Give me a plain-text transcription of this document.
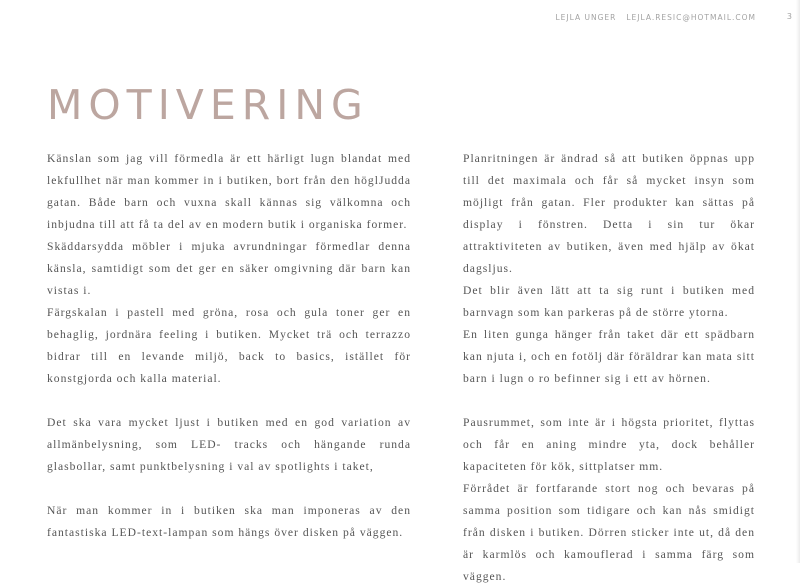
LEJLA UNGER LEJLA.RESIC@HOTMAIL.COM	3
MOTIVERING

Känslan som jag vill förmedla är ett härligt lugn blandat med lekfullhet när man kommer in i butiken, bort från den höglJudda gatan. Både barn och vuxna skall kännas sig välkomna och inbjudna till att få ta del av en modern butik i organiska former.

Skäddarsydda möbler i mjuka avrundningar förmedlar denna känsla, samtidigt som det ger en säker omgivning där barn kan vistas i.

Färgskalan i pastell med gröna, rosa och gula toner ger en behaglig, jordnära feeling i butiken. Mycket trä och terrazzo bidrar till en levande miljö, back to basics, istället för konstgjorda och kalla material.

Det ska vara mycket ljust i butiken med en god variation av allmänbelysning, som LED- tracks och hängande runda glasbollar, samt punktbelysning i val av spotlights i taket,

När man kommer in i butiken ska man imponeras av den fantastiska LED-text-lampan som hängs över disken på väggen.

Planritningen är ändrad så att butiken öppnas upp till det maximala och får så mycket insyn som möjligt från gatan. Fler produkter kan sättas på display i fönstren. Detta i sin tur ökar attraktiviteten av butiken, även med hjälp av ökat dagsljus.

Det blir även lätt att ta sig runt i butiken med barnvagn som kan parkeras på de större ytorna.

En liten gunga hänger från taket där ett spädbarn kan njuta i, och en fotölj där föräldrar kan mata sitt barn i lugn o ro befinner sig i ett av hörnen.

Pausrummet, som inte är i högsta prioritet, flyttas och får en aning mindre yta, dock behåller kapaciteten för kök, sittplatser mm.

Förrådet är fortfarande stort nog och bevaras på samma position som tidigare och kan nås smidigt från disken i butiken. Dörren sticker inte ut, då den är karmlös och kamouflerad i samma färg som väggen.
